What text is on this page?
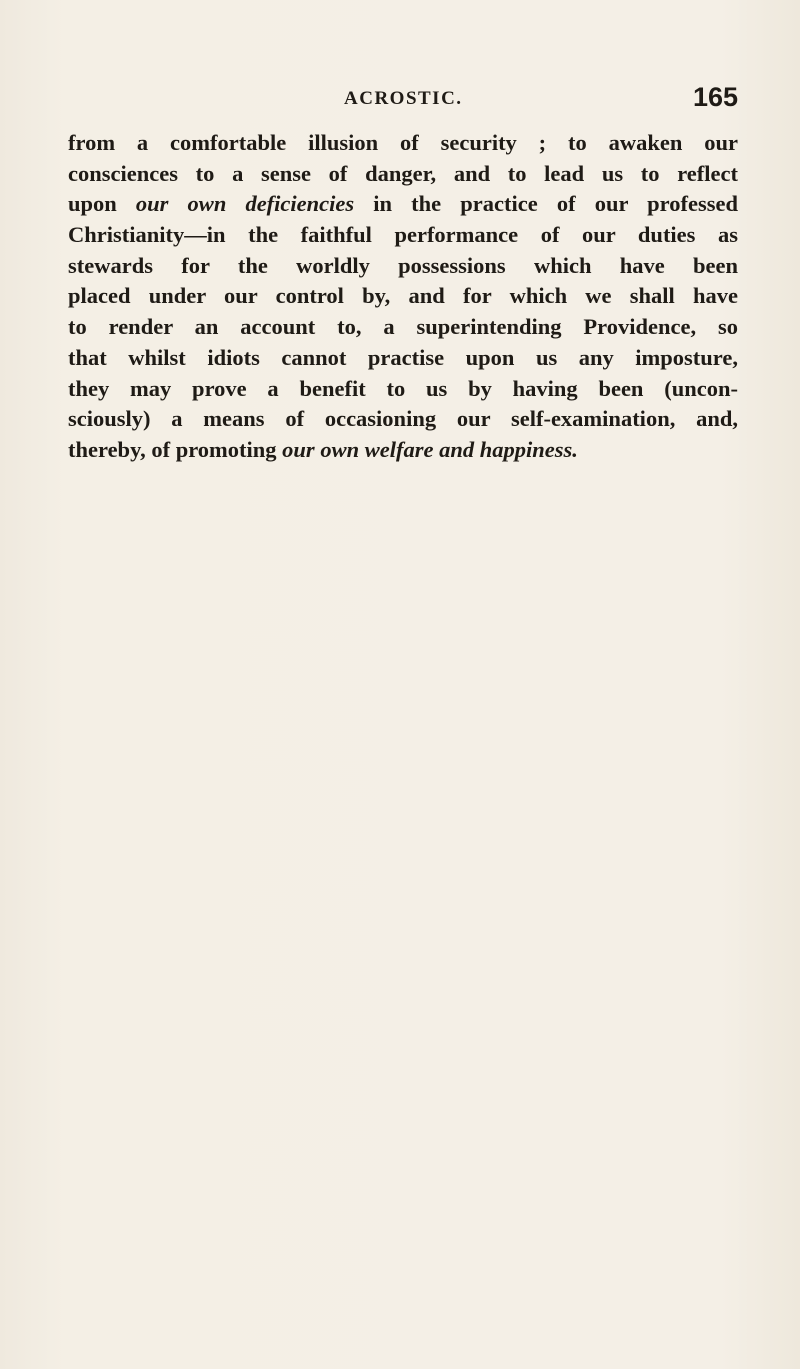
ACROSTIC.	165
from a comfortable illusion of security ; to awaken our
consciences to a sense of danger, and to lead us to reflect
upon our own deficiencies in the practice of our professed
Christianity—in the faithful performance of our duties as
stewards for the worldly possessions which have been
placed under our control by, and for which we shall have
to render an account to, a superintending Providence, so
that whilst idiots cannot practise upon us any imposture,
they may prove a benefit to us by having been (uncon-
sciously) a means of occasioning our self-examination, and,
thereby, of promoting our own welfare and happiness.
